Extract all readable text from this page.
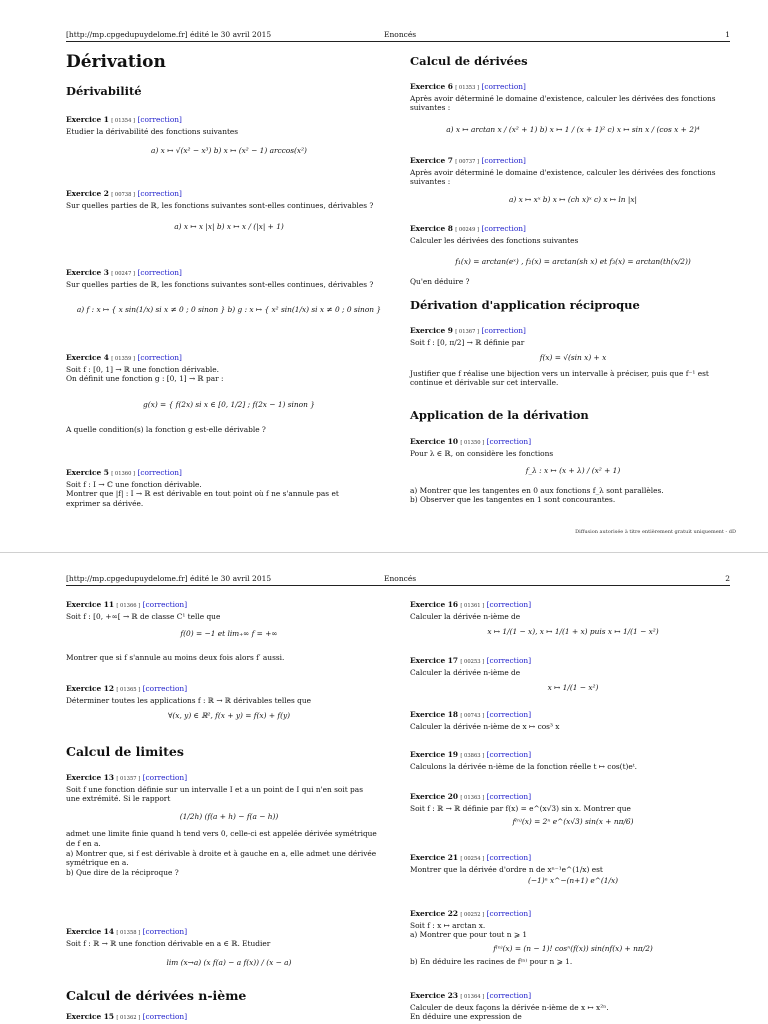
[http://mp.cpgedupuydelome.fr] édité le 30 avril 2015	Enoncés	1
Dérivation
Dérivabilité
Exercice 1 [ 01354 ] [correction]
Etudier la dérivabilité des fonctions suivantes
a) x ↦ √(x² − x³) b) x ↦ (x² − 1) arccos(x²)
Exercice 2 [ 00738 ] [correction]
Sur quelles parties de ℝ, les fonctions suivantes sont-elles continues, dérivables ?
a) x ↦ x |x| b) x ↦ x / (|x| + 1)
Exercice 3 [ 00247 ] [correction]
Sur quelles parties de ℝ, les fonctions suivantes sont-elles continues, dérivables ?
a) f : x ↦ { x sin(1/x) si x ≠ 0 ; 0 sinon } b) g : x ↦ { x² sin(1/x) si x ≠ 0 ; 0 sinon }
Exercice 4 [ 01359 ] [correction]
Soit f : [0, 1] → ℝ une fonction dérivable.
On définit une fonction g : [0, 1] → ℝ par :
g(x) = { f(2x) si x ∈ [0, 1/2] ; f(2x − 1) sinon }
A quelle condition(s) la fonction g est-elle dérivable ?
Exercice 5 [ 01360 ] [correction]
Soit f : I → ℂ une fonction dérivable.
Montrer que |f| : I → ℝ est dérivable en tout point où f ne s'annule pas et
exprimer sa dérivée.
Calcul de dérivées
Exercice 6 [ 01353 ] [correction]
Après avoir déterminé le domaine d'existence, calculer les dérivées des fonctions
suivantes :
a) x ↦ arctan x / (x² + 1) b) x ↦ 1 / (x + 1)² c) x ↦ sin x / (cos x + 2)⁴
Exercice 7 [ 00737 ] [correction]
Après avoir déterminé le domaine d'existence, calculer les dérivées des fonctions
suivantes :
a) x ↦ xˣ b) x ↦ (ch x)ˣ c) x ↦ ln |x|
Exercice 8 [ 00249 ] [correction]
Calculer les dérivées des fonctions suivantes
f₁(x) = arctan(eˣ) , f₂(x) = arctan(sh x) et f₃(x) = arctan(th(x/2))
Qu'en déduire ?
Dérivation d'application réciproque
Exercice 9 [ 01367 ] [correction]
Soit f : [0, π/2] → ℝ définie par
f(x) = √(sin x) + x
Justifier que f réalise une bijection vers un intervalle à préciser, puis que f⁻¹ est
continue et dérivable sur cet intervalle.
Application de la dérivation
Exercice 10 [ 01350 ] [correction]
Pour λ ∈ ℝ, on considère les fonctions
f_λ : x ↦ (x + λ) / (x² + 1)
a) Montrer que les tangentes en 0 aux fonctions f_λ sont parallèles.
b) Observer que les tangentes en 1 sont concourantes.
Diffusion autorisée à titre entièrement gratuit uniquement - dD
[http://mp.cpgedupuydelome.fr] édité le 30 avril 2015	Enoncés	2
Exercice 11 [ 01366 ] [correction]
Soit f : [0, +∞[ → ℝ de classe C¹ telle que
f(0) = −1 et lim₊∞ f = +∞
Montrer que si f s'annule au moins deux fois alors f′ aussi.
Exercice 12 [ 01365 ] [correction]
Déterminer toutes les applications f : ℝ → ℝ dérivables telles que
∀(x, y) ∈ ℝ², f(x + y) = f(x) + f(y)
Calcul de limites
Exercice 13 [ 01357 ] [correction]
Soit f une fonction définie sur un intervalle I et a un point de I qui n'en soit pas
une extrémité. Si le rapport
(1/2h) (f(a + h) − f(a − h))
admet une limite finie quand h tend vers 0, celle-ci est appelée dérivée symétrique
de f en a.
a) Montrer que, si f est dérivable à droite et à gauche en a, elle admet une dérivée
symétrique en a.
b) Que dire de la réciproque ?
Exercice 14 [ 01358 ] [correction]
Soit f : ℝ → ℝ une fonction dérivable en a ∈ ℝ. Etudier
lim (x→a) (x f(a) − a f(x)) / (x − a)
Calcul de dérivées n-ième
Exercice 15 [ 01362 ] [correction]
Exercice 16 [ 01361 ] [correction]
Calculer la dérivée n-ième de
x ↦ 1/(1 − x), x ↦ 1/(1 + x) puis x ↦ 1/(1 − x²)
Exercice 17 [ 00253 ] [correction]
Calculer la dérivée n-ième de
x ↦ 1/(1 − x²)
Exercice 18 [ 00743 ] [correction]
Calculer la dérivée n-ième de x ↦ cos³ x
Exercice 19 [ 03863 ] [correction]
Calculons la dérivée n-ième de la fonction réelle t ↦ cos(t)eᵗ.
Exercice 20 [ 01363 ] [correction]
Soit f : ℝ → ℝ définie par f(x) = e^(x√3) sin x. Montrer que
f⁽ⁿ⁾(x) = 2ⁿ e^(x√3) sin(x + nπ/6)
Exercice 21 [ 00254 ] [correction]
Montrer que la dérivée d'ordre n de xⁿ⁻¹e^(1/x) est
(−1)ⁿ x^−(n+1) e^(1/x)
Exercice 22 [ 00252 ] [correction]
Soit f : x ↦ arctan x.
a) Montrer que pour tout n ⩾ 1
f⁽ⁿ⁾(x) = (n − 1)! cosⁿ(f(x)) sin(nf(x) + nπ/2)
b) En déduire les racines de f⁽ⁿ⁾ pour n ⩾ 1.
Exercice 23 [ 01364 ] [correction]
Calculer de deux façons la dérivée n-ième de x ↦ x²ⁿ.
En déduire une expression de
